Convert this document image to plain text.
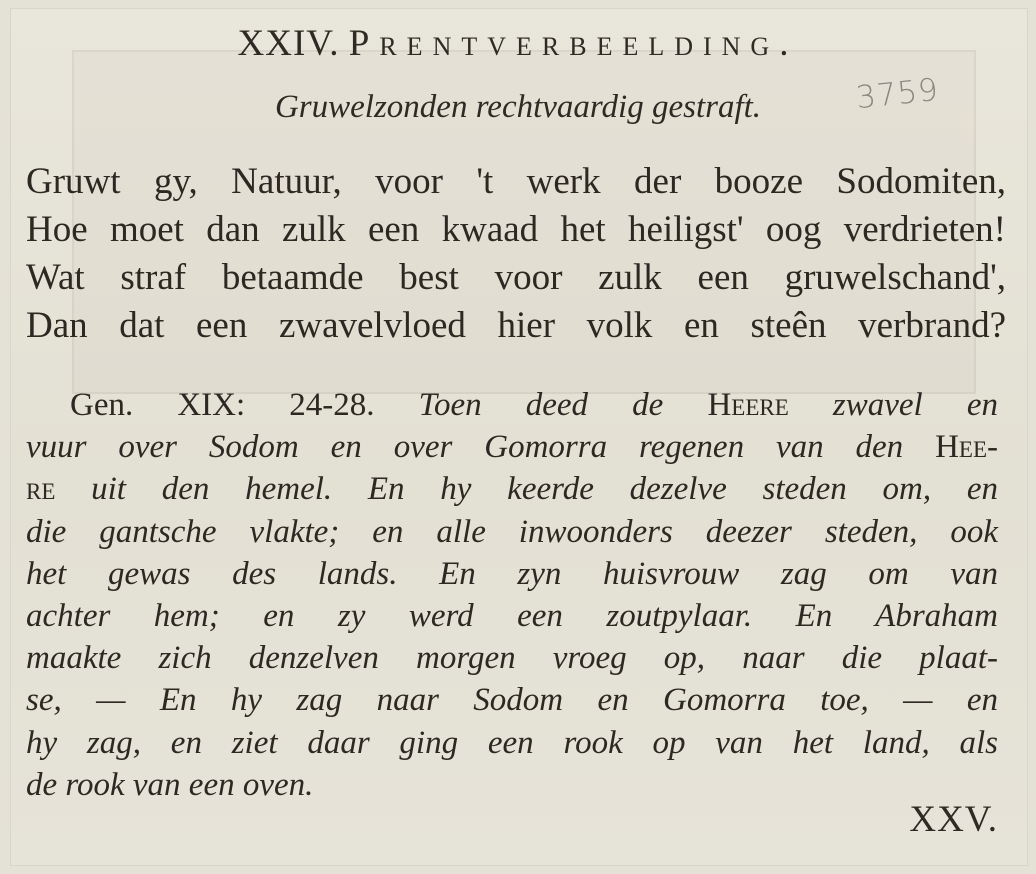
XXIV. Prentverbeelding.
Gruwelzonden rechtvaardig gestraft.	3759
Gruwt gy, Natuur, voor 't werk der booze Sodomiten,
Hoe moet dan zulk een kwaad het heiligst' oog verdrieten!
Wat straf betaamde best voor zulk een gruwelschand',
Dan dat een zwavelvloed hier volk en steên verbrand?
Gen. XIX: 24-28. Toen deed de Heere zwavel en
vuur over Sodom en over Gomorra regenen van den Hee-
re uit den hemel. En hy keerde dezelve steden om, en
die gantsche vlakte; en alle inwoonders deezer steden, ook
het gewas des lands. En zyn huisvrouw zag om van
achter hem; en zy werd een zoutpylaar. En Abraham
maakte zich denzelven morgen vroeg op, naar die plaat-
se, — En hy zag naar Sodom en Gomorra toe, — en
hy zag, en ziet daar ging een rook op van het land, als
de rook van een oven.
XXV.
